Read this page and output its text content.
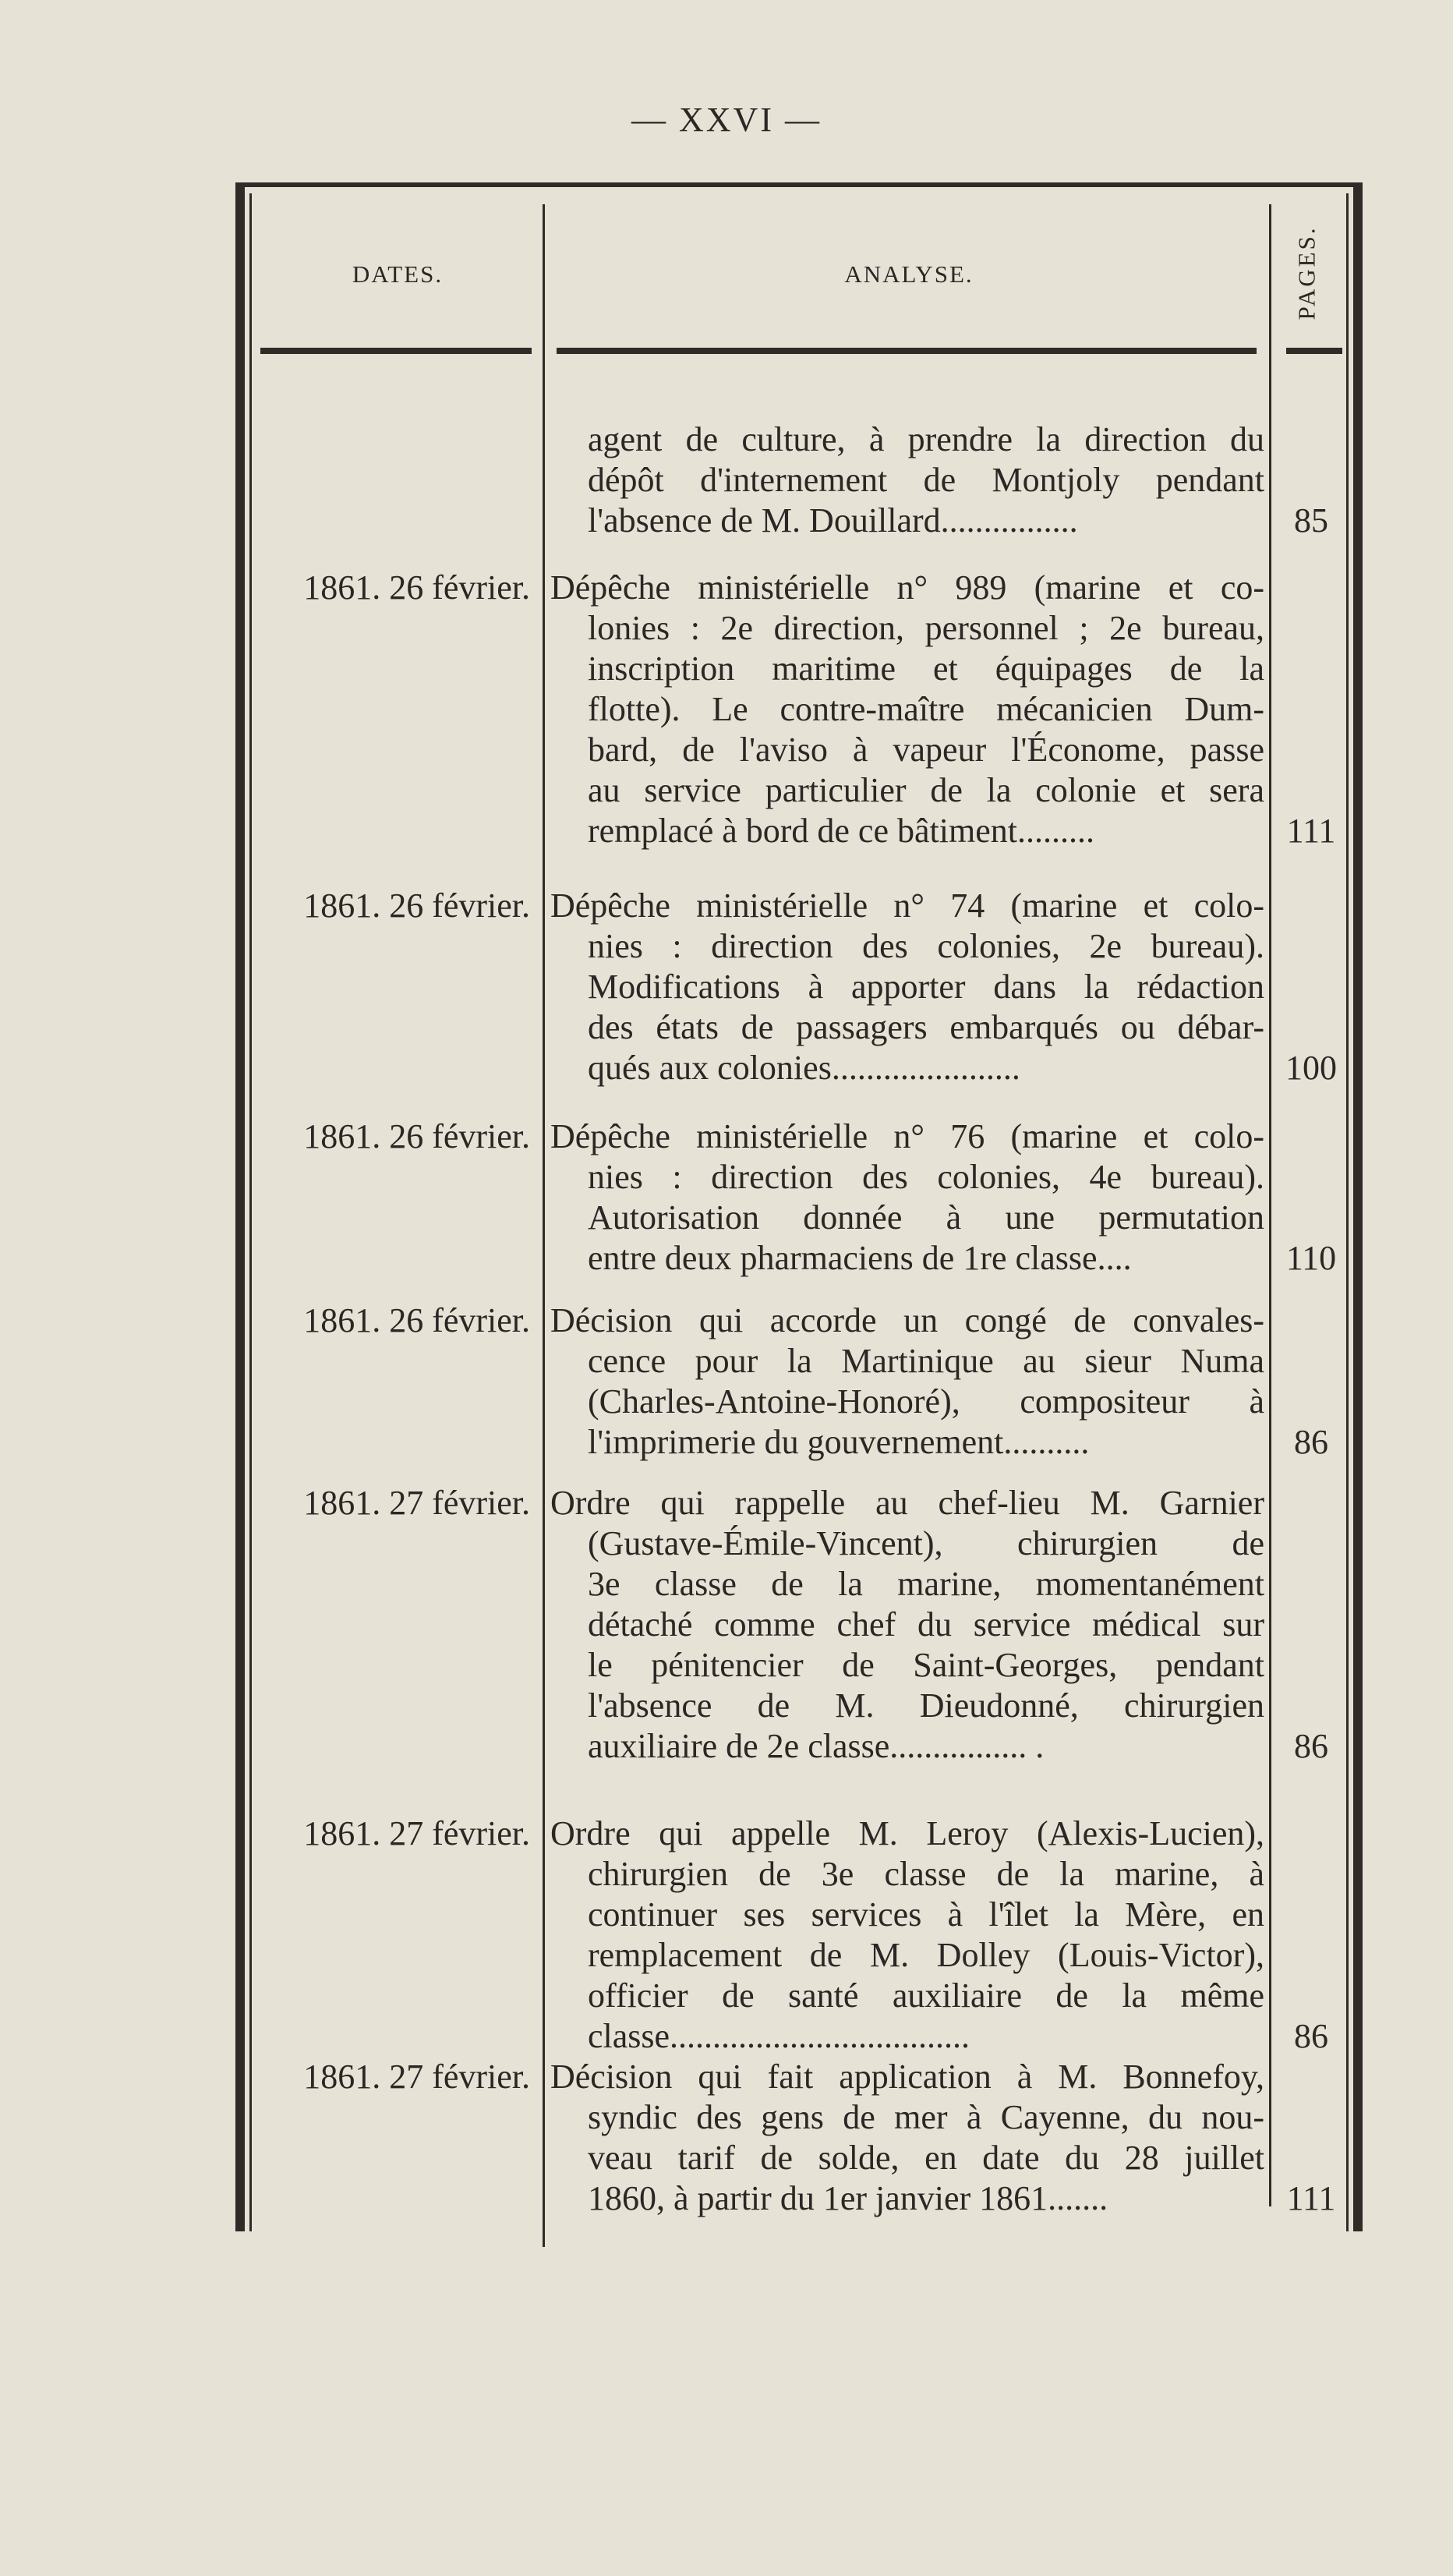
— XXVI —
DATES.	ANALYSE.	PAGES.
agent de culture, à prendre la direction du
dépôt d'internement de Montjoly pendant
l'absence de M. Douillard................	85
1861. 26 février. Dépêche ministérielle n° 989 (marine et co-
lonies : 2e direction, personnel ; 2e bureau,
inscription maritime et équipages de la
flotte). Le contre-maître mécanicien Dum-
bard, de l'aviso à vapeur l'Économe, passe
au service particulier de la colonie et sera
remplacé à bord de ce bâtiment.........	111
1861. 26 février. Dépêche ministérielle n° 74 (marine et colo-
nies : direction des colonies, 2e bureau).
Modifications à apporter dans la rédaction
des états de passagers embarqués ou débar-
qués aux colonies......................	100
1861. 26 février. Dépêche ministérielle n° 76 (marine et colo-
nies : direction des colonies, 4e bureau).
Autorisation donnée à une permutation
entre deux pharmaciens de 1re classe....	110
1861. 26 février. Décision qui accorde un congé de convales-
cence pour la Martinique au sieur Numa
(Charles-Antoine-Honoré), compositeur à
l'imprimerie du gouvernement..........	86
1861. 27 février. Ordre qui rappelle au chef-lieu M. Garnier
(Gustave-Émile-Vincent), chirurgien de
3e classe de la marine, momentanément
détaché comme chef du service médical sur
le pénitencier de Saint-Georges, pendant
l'absence de M. Dieudonné, chirurgien
auxiliaire de 2e classe................ .	86
1861. 27 février. Ordre qui appelle M. Leroy (Alexis-Lucien),
chirurgien de 3e classe de la marine, à
continuer ses services à l'îlet la Mère, en
remplacement de M. Dolley (Louis-Victor),
officier de santé auxiliaire de la même
classe...................................	86
1861. 27 février. Décision qui fait application à M. Bonnefoy,
syndic des gens de mer à Cayenne, du nou-
veau tarif de solde, en date du 28 juillet
1860, à partir du 1er janvier 1861.......	111
